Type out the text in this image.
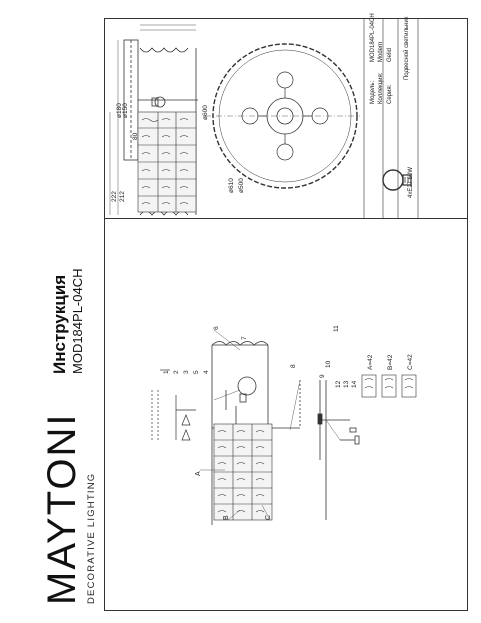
MAYTONI DECORATIVE LIGHTING
Инструкция MOD184PL-04CH
ø600
ø610 ø500
ø180 ø150
80
212
222
Модель:
MOD184PL-04CH
Коллекция:
Modern
Серия:
Gelid Подвесной светильник
4xE27 60W
1 2 3 4
5
6
7
8
9
10
11
12 13 14
A
B	C
A=42 B=42 C=42
